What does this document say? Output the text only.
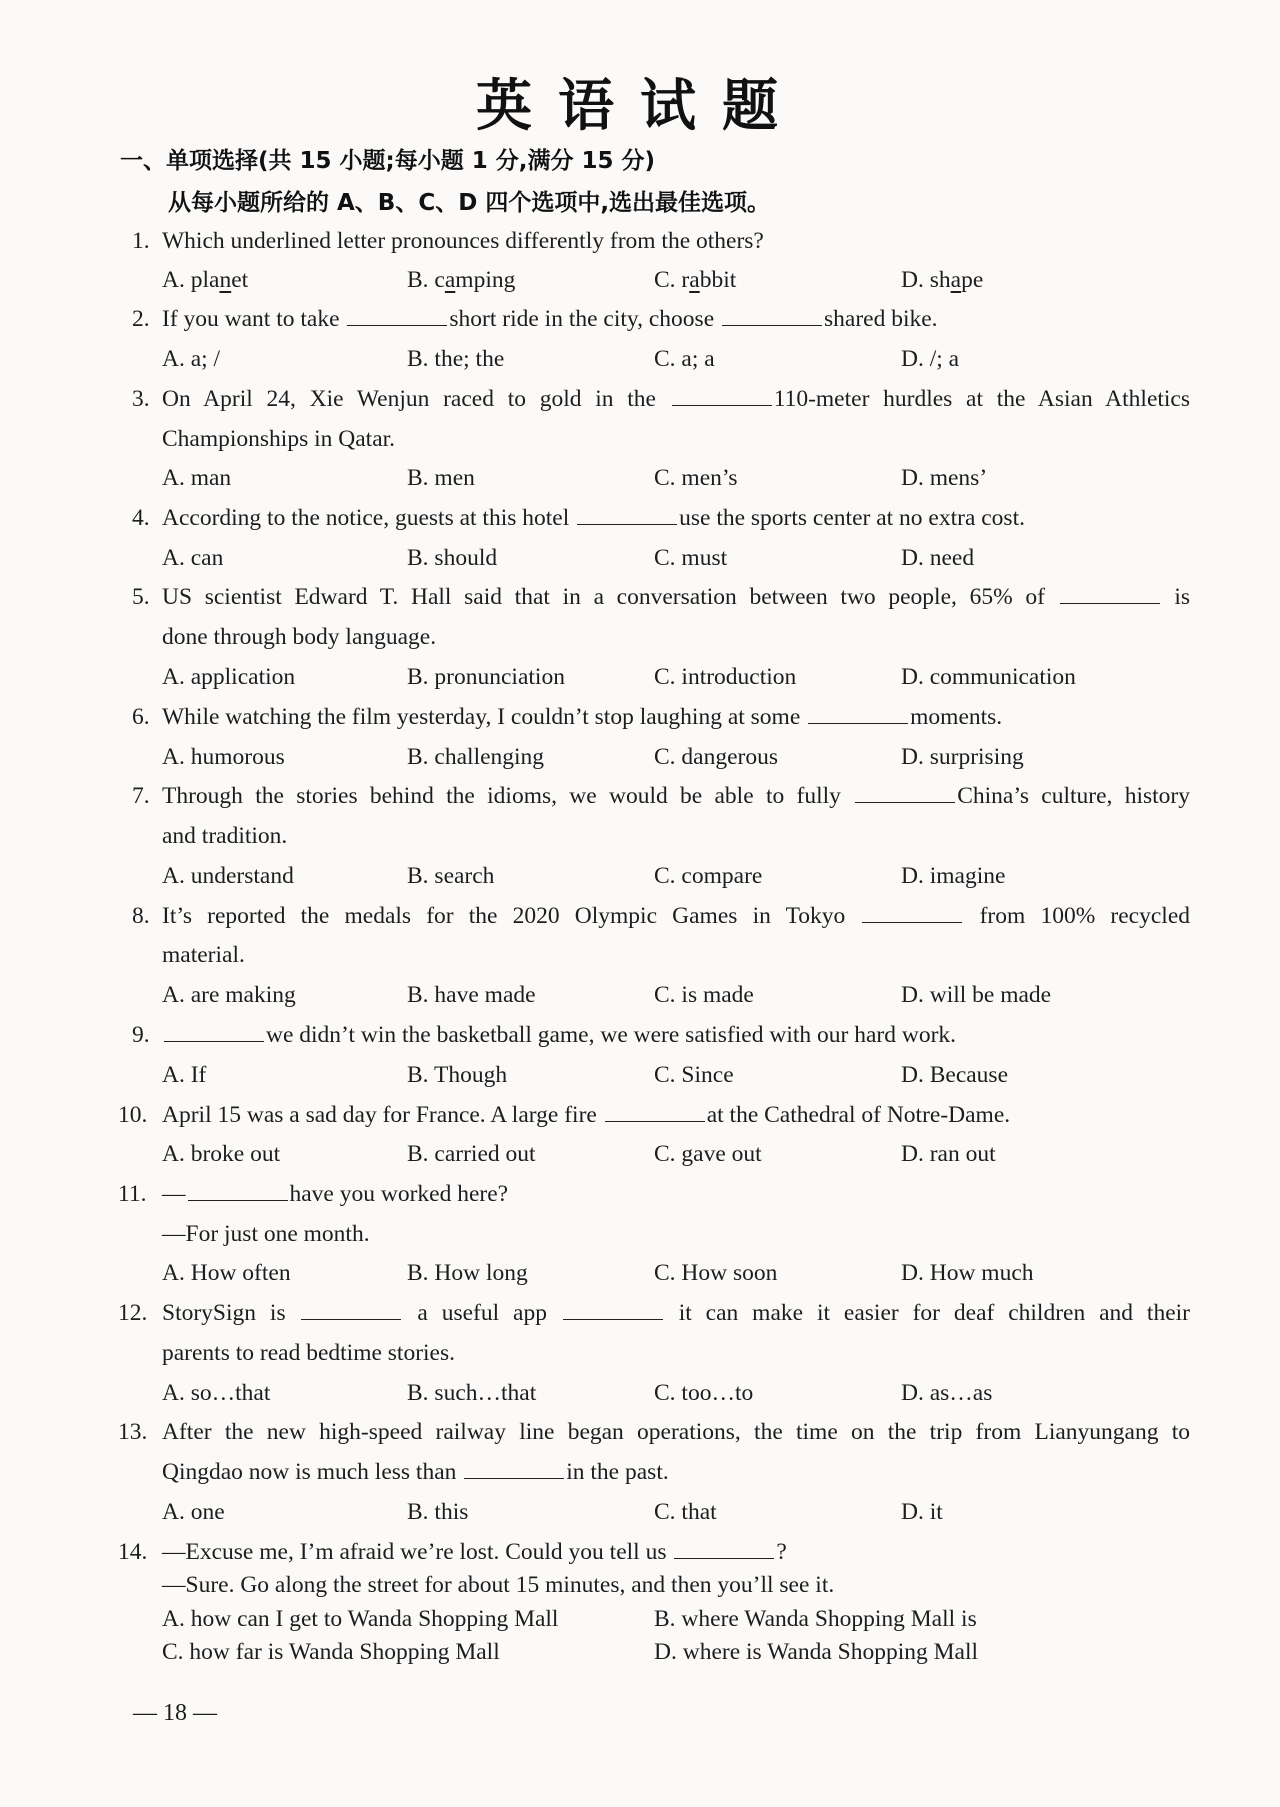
英语试题
一、单项选择(共 15 小题;每小题 1 分,满分 15 分)
从每小题所给的 A、B、C、D 四个选项中,选出最佳选项。
1. Which underlined letter pronounces differently from the others?
A. planet	B. camping	C. rabbit	D. shape
2. If you want to take	short ride in the city, choose	shared bike.
A. a; /	B. the; the	C. a; a	D. /; a
3. On April 24, Xie Wenjun raced to gold in the	110-meter hurdles at the Asian Athletics
Championships in Qatar.
A. man	B. men	C. men’s	D. mens’
4. According to the notice, guests at this hotel	use the sports center at no extra cost.
A. can	B. should	C. must	D. need
5. US scientist Edward T. Hall said that in a conversation between two people, 65% of	is
done through body language.
A. application	B. pronunciation	C. introduction	D. communication
6. While watching the film yesterday, I couldn’t stop laughing at some	moments.
A. humorous	B. challenging	C. dangerous	D. surprising
7. Through the stories behind the idioms, we would be able to fully	China’s culture, history
and tradition.
A. understand	B. search	C. compare	D. imagine
8. It’s reported the medals for the 2020 Olympic Games in Tokyo	from 100% recycled
material.
A. are making	B. have made	C. is made	D. will be made
9.	we didn’t win the basketball game, we were satisfied with our hard work.
A. If	B. Though	C. Since	D. Because
10. April 15 was a sad day for France. A large fire	at the Cathedral of Notre-Dame.
A. broke out	B. carried out	C. gave out	D. ran out
11. —	have you worked here?
—For just one month.
A. How often	B. How long	C. How soon	D. How much
12. StorySign is	a useful app	it can make it easier for deaf children and their
parents to read bedtime stories.
A. so…that	B. such…that	C. too…to	D. as…as
13. After the new high-speed railway line began operations, the time on the trip from Lianyungang to
Qingdao now is much less than	in the past.
A. one	B. this	C. that	D. it
14. —Excuse me, I’m afraid we’re lost. Could you tell us	?
—Sure. Go along the street for about 15 minutes, and then you’ll see it.
A. how can I get to Wanda Shopping Mall	B. where Wanda Shopping Mall is
C. how far is Wanda Shopping Mall	D. where is Wanda Shopping Mall
— 18 —
